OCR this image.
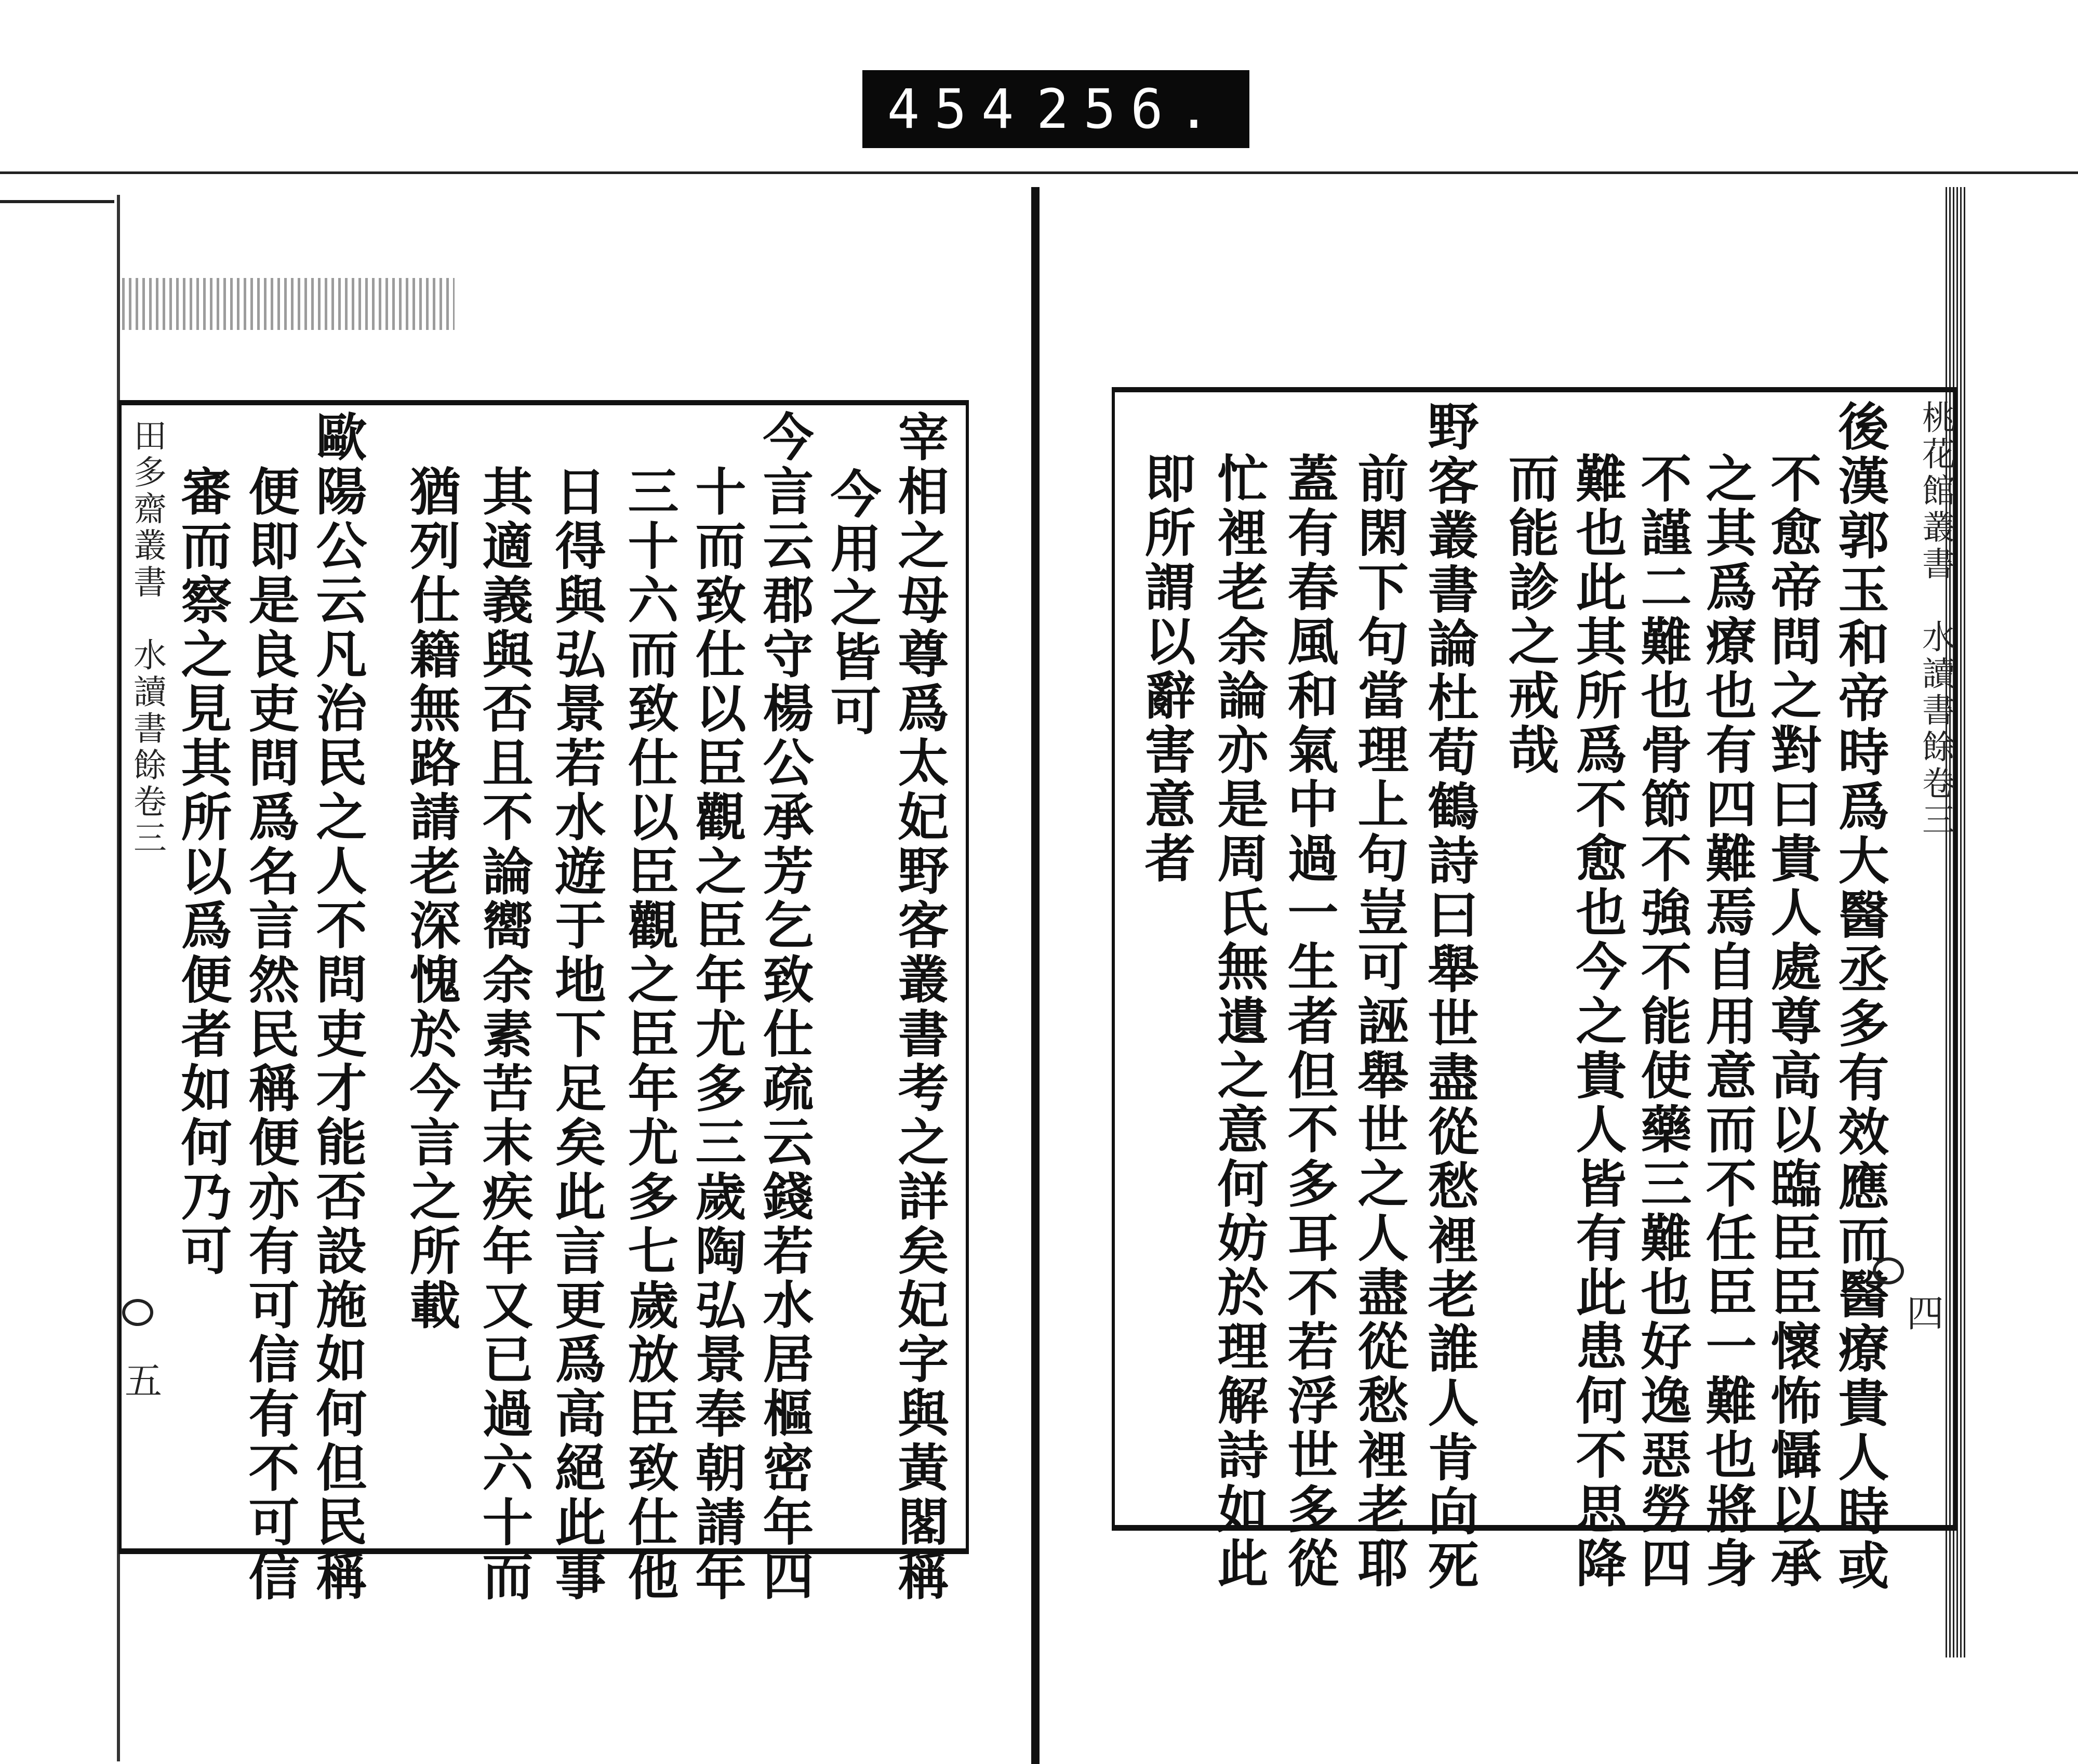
454 256.
田多齋叢書　水讀書餘卷三	宰相之母尊爲太妃野客叢書考之詳矣妃字與黃閣稱
今用之皆可
今言云郡守楊公承芳乞致仕疏云錢若水居樞密年四
十而致仕以臣觀之臣年尤多三歲陶弘景奉朝請年
三十六而致仕以臣觀之臣年尤多七歲放臣致仕他
日得與弘景若水遊于地下足矣此言更爲高絕此事
其適義與否且不論嚮余素苦末疾年又已過六十而
猶列仕籍無路請老深愧於今言之所載
歐陽公云凡治民之人不問吏才能否設施如何但民稱
便即是良吏問爲名言然民稱便亦有可信有不可信
審而察之見其所以爲便者如何乃可
五
桃花館叢書　水讀書餘卷三
後漢郭玉和帝時爲大醫丞多有效應而醫療貴人時或
不愈帝問之對曰貴人處尊高以臨臣臣懷怖懾以承
之其爲療也有四難焉自用意而不任臣一難也將身
不謹二難也骨節不強不能使藥三難也好逸惡勞四
難也此其所爲不愈也今之貴人皆有此患何不思降
而能診之戒哉
野客叢書論杜荀鶴詩曰舉世盡從愁裡老誰人肯向死
前閑下句當理上句豈可誣舉世之人盡從愁裡老耶
蓋有春風和氣中過一生者但不多耳不若浮世多從
忙裡老余論亦是周氏無遺之意何妨於理解詩如此
即所謂以辭害意者
四
